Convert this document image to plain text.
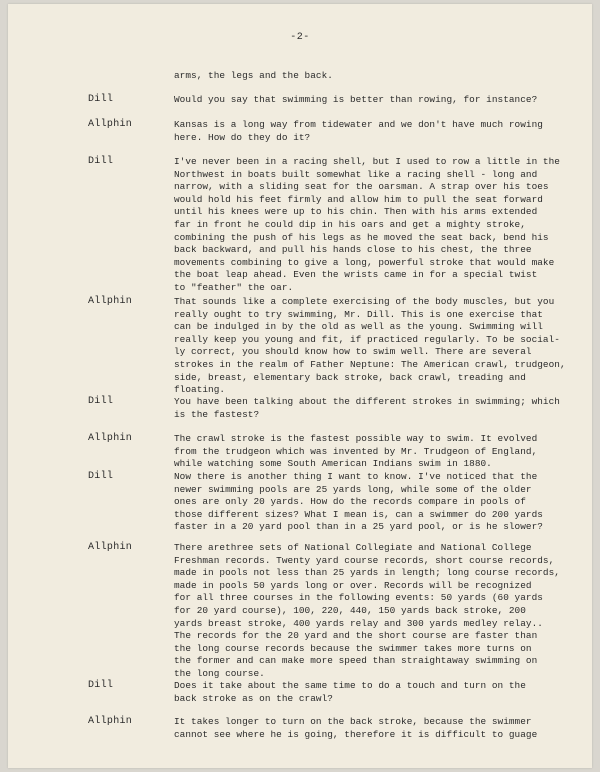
-2-
arms, the legs and the back.
Dill	Would you say that swimming is better than rowing, for instance?
Allphin	Kansas is a long way from tidewater and we don't have much rowing
here. How do they do it?
Dill	I've never been in a racing shell, but I used to row a little in the
Northwest in boats built somewhat like a racing shell - long and
narrow, with a sliding seat for the oarsman. A strap over his toes
would hold his feet firmly and allow him to pull the seat forward
until his knees were up to his chin. Then with his arms extended
far in front he could dip in his oars and get a mighty stroke,
combining the push of his legs as he moved the seat back, bend his
back backward, and pull his hands close to his chest, the three
movements combining to give a long, powerful stroke that would make
the boat leap ahead. Even the wrists came in for a special twist
to "feather" the oar.
Allphin	That sounds like a complete exercising of the body muscles, but you
really ought to try swimming, Mr. Dill. This is one exercise that
can be indulged in by the old as well as the young. Swimming will
really keep you young and fit, if practiced regularly. To be social-
ly correct, you should know how to swim well. There are several
strokes in the realm of Father Neptune: The American crawl, trudgeon,
side, breast, elementary back stroke, back crawl, treading and
floating.
Dill	You have been talking about the different strokes in swimming; which
is the fastest?
Allphin	The crawl stroke is the fastest possible way to swim. It evolved
from the trudgeon which was invented by Mr. Trudgeon of England,
while watching some South American Indians swim in 1880.
Dill	Now there is another thing I want to know. I've noticed that the
newer swimming pools are 25 yards long, while some of the older
ones are only 20 yards. How do the records compare in pools of
those different sizes? What I mean is, can a swimmer do 200 yards
faster in a 20 yard pool than in a 25 yard pool, or is he slower?
Allphin	There arethree sets of National Collegiate and National College
Freshman records. Twenty yard course records, short course records,
made in pools not less than 25 yards in length; long course records,
made in pools 50 yards long or over. Records will be recognized
for all three courses in the following events: 50 yards (60 yards
for 20 yard course), 100, 220, 440, 150 yards back stroke, 200
yards breast stroke, 400 yards relay and 300 yards medley relay..
The records for the 20 yard and the short course are faster than
the long course records because the swimmer takes more turns on
the former and can make more speed than straightaway swimming on
the long course.
Dill	Does it take about the same time to do a touch and turn on the
back stroke as on the crawl?
Allphin	It takes longer to turn on the back stroke, because the swimmer
cannot see where he is going, therefore it is difficult to guage
